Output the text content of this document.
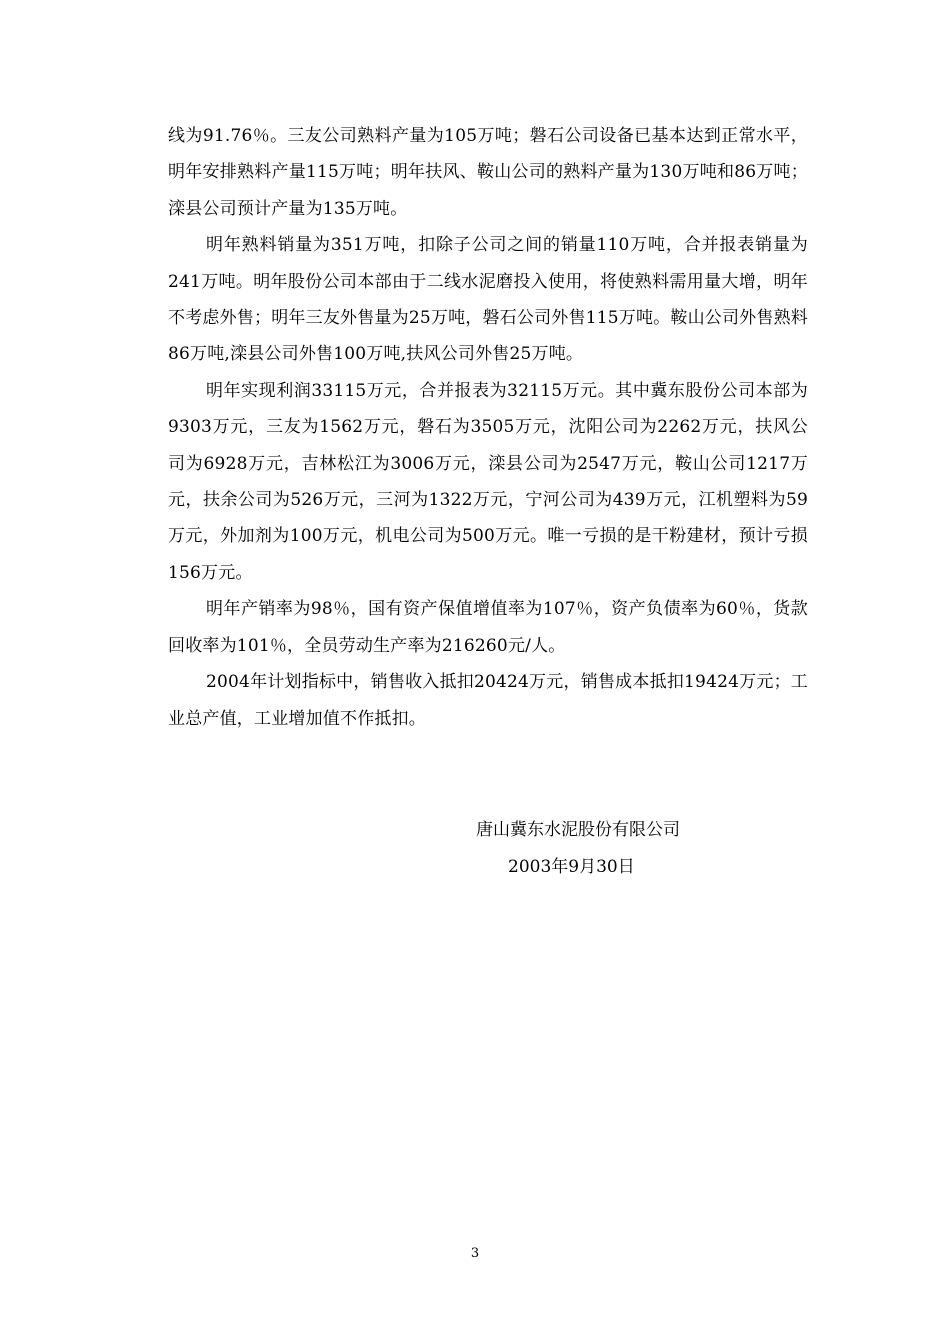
线为91.76％。三友公司熟料产量为105万吨；磐石公司设备已基本达到正常水平，明年安排熟料产量115万吨；明年扶风、鞍山公司的熟料产量为130万吨和86万吨；滦县公司预计产量为135万吨。

明年熟料销量为351万吨，扣除子公司之间的销量110万吨，合并报表销量为241万吨。明年股份公司本部由于二线水泥磨投入使用，将使熟料需用量大增，明年不考虑外售；明年三友外售量为25万吨，磐石公司外售115万吨。鞍山公司外售熟料86万吨,滦县公司外售100万吨,扶风公司外售25万吨。

明年实现利润33115万元，合并报表为32115万元。其中冀东股份公司本部为9303万元，三友为1562万元，磐石为3505万元，沈阳公司为2262万元，扶风公司为6928万元，吉林松江为3006万元，滦县公司为2547万元，鞍山公司1217万元，扶余公司为526万元，三河为1322万元，宁河公司为439万元，江机塑料为59万元，外加剂为100万元，机电公司为500万元。唯一亏损的是干粉建材，预计亏损156万元。

明年产销率为98％，国有资产保值增值率为107％，资产负债率为60％，货款回收率为101％，全员劳动生产率为216260元/人。

2004年计划指标中，销售收入抵扣20424万元，销售成本抵扣19424万元；工业总产值，工业增加值不作抵扣。

唐山冀东水泥股份有限公司
2003年9月30日
3
